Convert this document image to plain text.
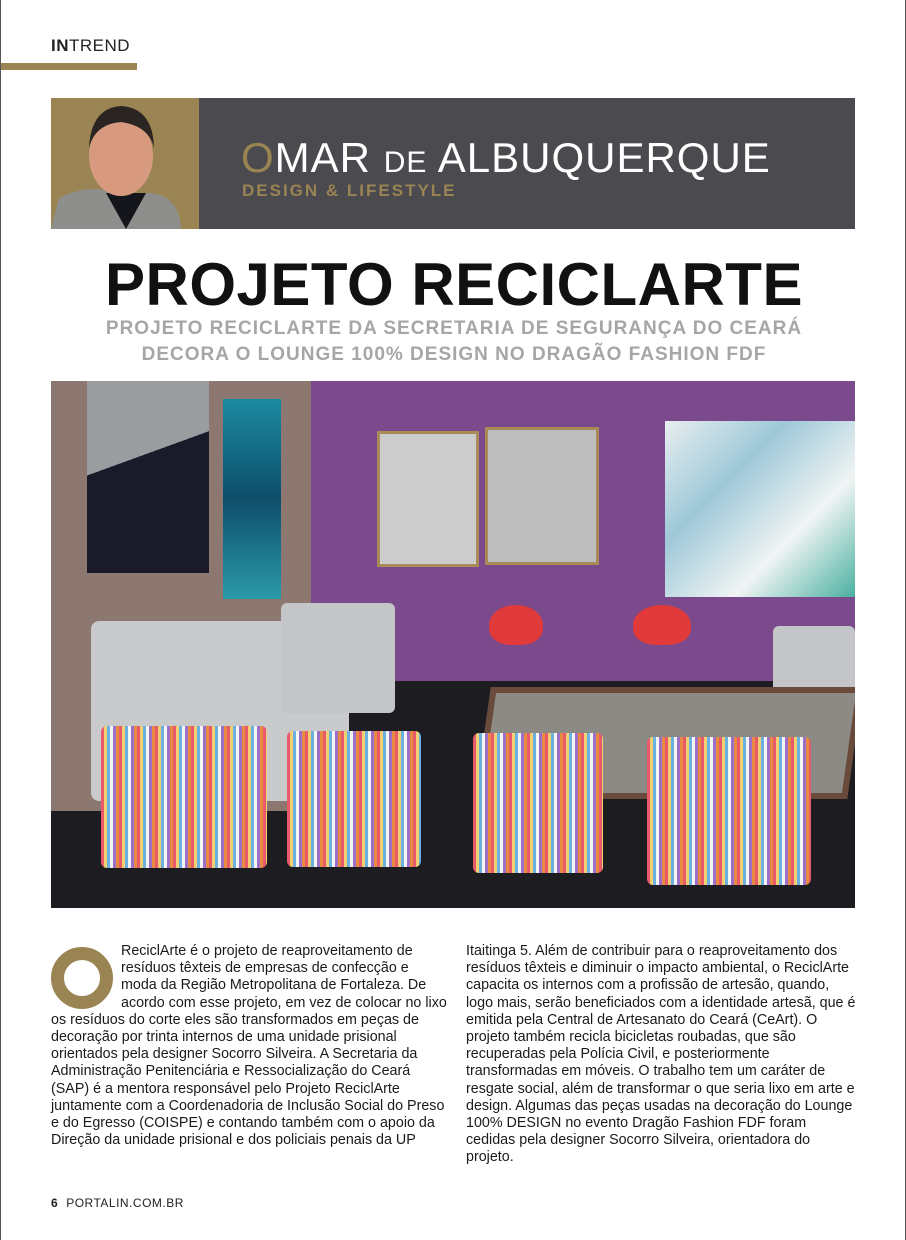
INTREND
OMAR DE ALBUQUERQUE
DESIGN & LIFESTYLE
PROJETO RECICLARTE
PROJETO RECICLARTE DA SECRETARIA DE SEGURANÇA DO CEARÁ
DECORA O LOUNGE 100% DESIGN NO DRAGÃO FASHION FDF
ReciclArte é o projeto de reaproveitamento de resíduos têxteis de empresas de confecção e moda da Região Metropolitana de Fortaleza. De acordo com esse projeto, em vez de colocar no lixo os resíduos do corte eles são transformados em peças de decoração por trinta internos de uma unidade prisional orientados pela designer Socorro Silveira. A Secretaria da Administração Penitenciária e Ressocialização do Ceará (SAP) é a mentora responsável pelo Projeto ReciclArte juntamente com a Coordenadoria de Inclusão Social do Preso e do Egresso (COISPE) e contando também com o apoio da Direção da unidade prisional e dos policiais penais da UP
Itaitinga 5. Além de contribuir para o reaproveitamento dos resíduos têxteis e diminuir o impacto ambiental, o ReciclArte capacita os internos com a profissão de artesão, quando, logo mais, serão beneficiados com a identidade artesã, que é emitida pela Central de Artesanato do Ceará (CeArt). O projeto também recicla bicicletas roubadas, que são recuperadas pela Polícia Civil, e posteriormente transformadas em móveis. O trabalho tem um caráter de resgate social, além de transformar o que seria lixo em arte e design. Algumas das peças usadas na decoração do Lounge 100% DESIGN no evento Dragão Fashion FDF foram cedidas pela designer Socorro Silveira, orientadora do projeto.
6 PORTALIN.COM.BR
